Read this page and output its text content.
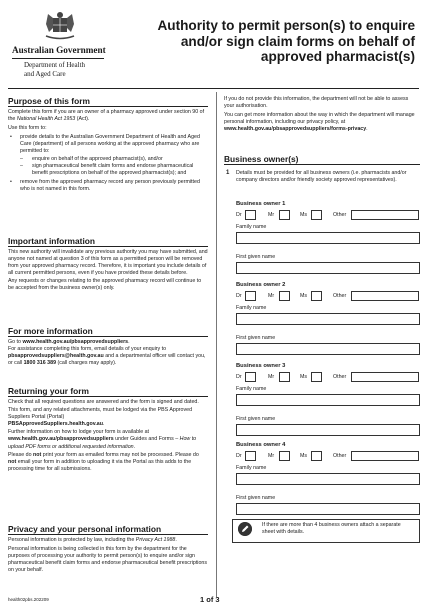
Australian Government
Department of Health
and Aged Care
Authority to permit person(s) to enquire
and/or sign claim forms on behalf of
approved pharmacist(s)
Purpose of this form
Complete this form if you are an owner of a pharmacy approved under section 90 of the National Health Act 1953 (Act).
Use this form to:
• provide details to the Australian Government Department of Health and Aged Care (department) of all persons working at the approved pharmacy who are permitted to:
– enquire on behalf of the approved pharmacist(s), and/or
– sign pharmaceutical benefit claim forms and endorse pharmaceutical benefit prescriptions on behalf of the approved pharmacist(s); and
• remove from the approved pharmacy record any person previously permitted who is not named in this form.
Important information
This new authority will invalidate any previous authority you may have submitted, and anyone not named at question 3 of this form as a permitted person will be removed from your approved pharmacy record. Therefore, it is important you include details of all current permitted persons, even if you have provided these details before.
Any requests or changes relating to the approved pharmacy record will continue to be accepted from the business owner(s) only.
For more information
Go to www.health.gov.au/pbsapprovedsuppliers.
For assistance completing this form, email details of your enquiry to pbsapprovedsuppliers@health.gov.au and a departmental officer will contact you, or call 1800 316 389 (call charges may apply).
Returning your form
Check that all required questions are answered and the form is signed and dated.
This form, and any related attachments, must be lodged via the PBS Approved Suppliers Portal (Portal)
PBSApprovedSuppliers.health.gov.au.
Further information on how to lodge your form is available at www.health.gov.au/pbsapprovedsuppliers under Guides and Forms – How to upload PDF forms or additional requested information.
Please do not print your form as emailed forms may not be processed. Please do not email your form in addition to uploading it via the Portal as this adds to the processing time for all submissions.
Privacy and your personal information
Personal information is protected by law, including the Privacy Act 1988.
Personal information is being collected in this form by the department for the purposes of processing your authority to permit person(s) to enquire and/or sign pharmaceutical benefit claim forms and endorse pharmaceutical benefit prescriptions on your behalf.
If you do not provide this information, the department will not be able to assess your authorisation.
You can get more information about the way in which the department will manage personal information, including our privacy policy, at
www.health.gov.au/pbsapprovedsuppliers/forms-privacy.
Business owner(s)
1 Details must be provided for all business owners (i.e. pharmacists and/or company directors and/or friendly society approved representatives).
Business owner 1
Dr	Mr	Ms	Other
Family name
First given name
Business owner 2
Dr	Mr	Ms	Other
Family name
First given name
Business owner 3
Dr	Mr	Ms	Other
Family name
First given name
Business owner 4
Dr	Mr	Ms	Other
Family name
First given name
If there are more than 4 business owners attach a separate sheet with details.
health02pbs.202209	1 of 3
